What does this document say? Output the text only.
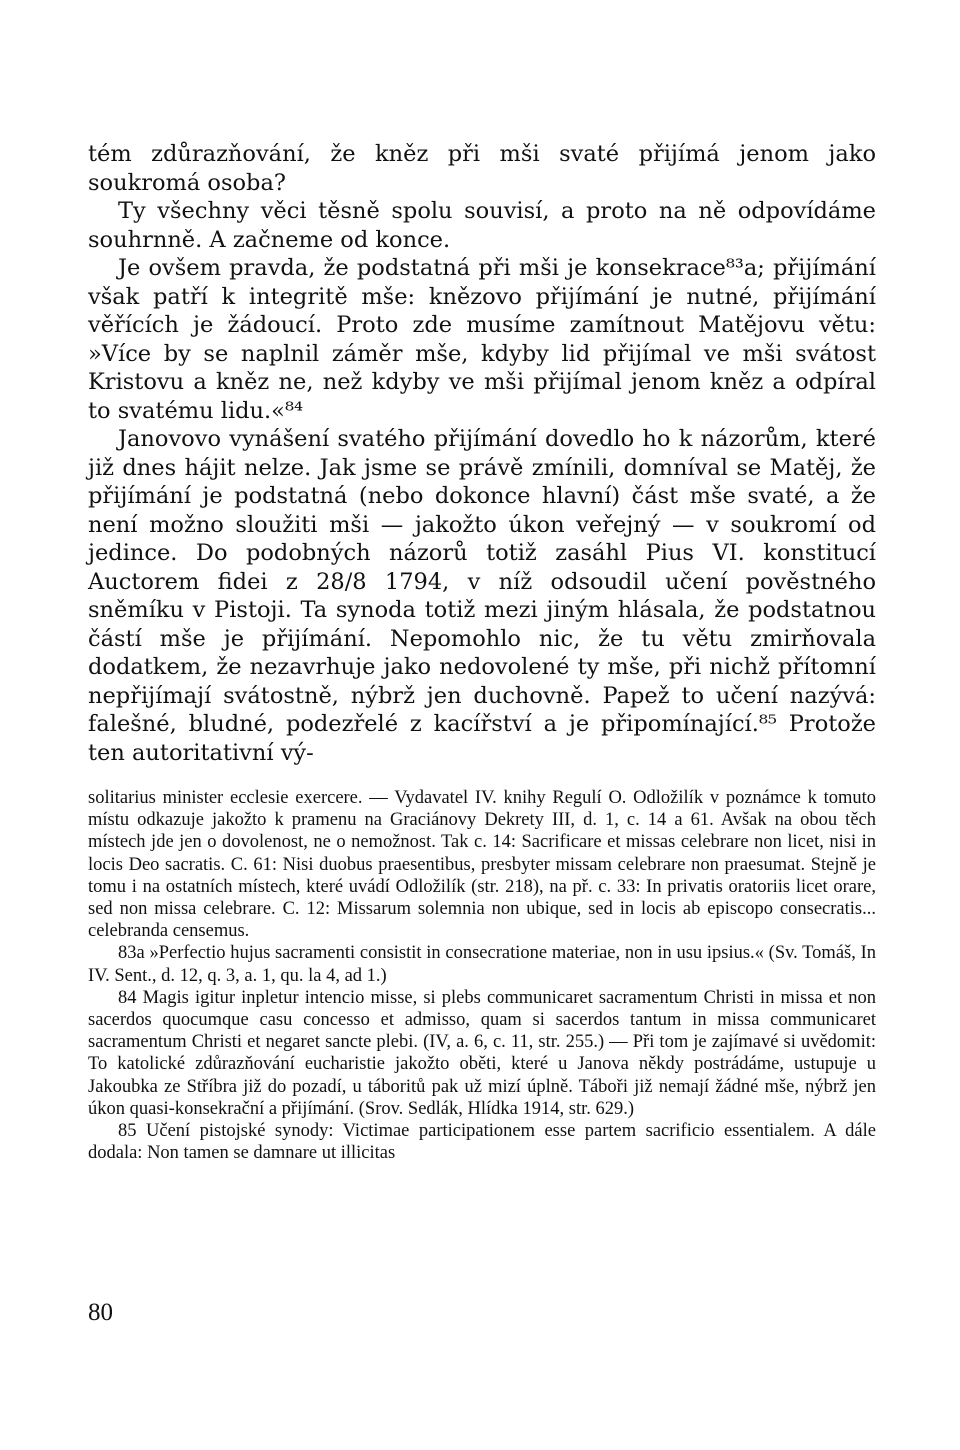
tém zdůrazňování, že kněz při mši svaté přijímá jenom jako soukromá osoba?

Ty všechny věci těsně spolu souvisí, a proto na ně odpovídáme souhrnně. A začneme od konce.

Je ovšem pravda, že podstatná při mši je konsekrace⁸³a; přijímání však patří k integritě mše: knězovo přijímání je nutné, přijímání věřících je žádoucí. Proto zde musíme zamítnout Matějovu větu: »Více by se naplnil záměr mše, kdyby lid přijímal ve mši svátost Kristovu a kněz ne, než kdyby ve mši přijímal jenom kněz a odpíral to svatému lidu.«⁸⁴

Janovovo vynášení svatého přijímání dovedlo ho k názorům, které již dnes hájit nelze. Jak jsme se právě zmínili, domníval se Matěj, že přijímání je podstatná (nebo dokonce hlavní) část mše svaté, a že není možno sloužiti mši — jakožto úkon veřejný — v soukromí od jedince. Do podobných názorů totiž zasáhl Pius VI. konstitucí Auctorem fidei z 28/8 1794, v níž odsoudil učení pověstného sněmíku v Pistoji. Ta synoda totiž mezi jiným hlásala, že podstatnou částí mše je přijímání. Nepomohlo nic, že tu větu zmirňovala dodatkem, že nezavrhuje jako nedovolené ty mše, při nichž přítomní nepřijímají svátostně, nýbrž jen duchovně. Papež to učení nazývá: falešné, bludné, podezřelé z kacířství a je připomínající.⁸⁵ Protože ten autoritativní vý-

solitarius minister ecclesie exercere. — Vydavatel IV. knihy Regulí O. Odložilík v poznámce k tomuto místu odkazuje jakožto k pramenu na Graciánovy Dekrety III, d. 1, c. 14 a 61. Avšak na obou těch místech jde jen o dovolenost, ne o nemožnost. Tak c. 14: Sacrificare et missas celebrare non licet, nisi in locis Deo sacratis. C. 61: Nisi duobus praesentibus, presbyter missam celebrare non praesumat. Stejně je tomu i na ostatních místech, které uvádí Odložilík (str. 218), na př. c. 33: In privatis oratoriis licet orare, sed non missa celebrare. C. 12: Missarum solemnia non ubique, sed in locis ab episcopo consecratis... celebranda censemus.

83a »Perfectio hujus sacramenti consistit in consecratione materiae, non in usu ipsius.« (Sv. Tomáš, In IV. Sent., d. 12, q. 3, a. 1, qu. la 4, ad 1.)

84 Magis igitur inpletur intencio misse, si plebs communicaret sacramentum Christi in missa et non sacerdos quocumque casu concesso et admisso, quam si sacerdos tantum in missa communicaret sacramentum Christi et negaret sancte plebi. (IV, a. 6, c. 11, str. 255.) — Při tom je zajímavé si uvědomit: To katolické zdůrazňování eucharistie jakožto oběti, které u Janova někdy postrádáme, ustupuje u Jakoubka ze Stříbra již do pozadí, u táboritů pak už mizí úplně. Táboři již nemají žádné mše, nýbrž jen úkon quasi-konsekrační a přijímání. (Srov. Sedlák, Hlídka 1914, str. 629.)

85 Učení pistojské synody: Victimae participationem esse partem sacrificio essentialem. A dále dodala: Non tamen se damnare ut illicitas

80
